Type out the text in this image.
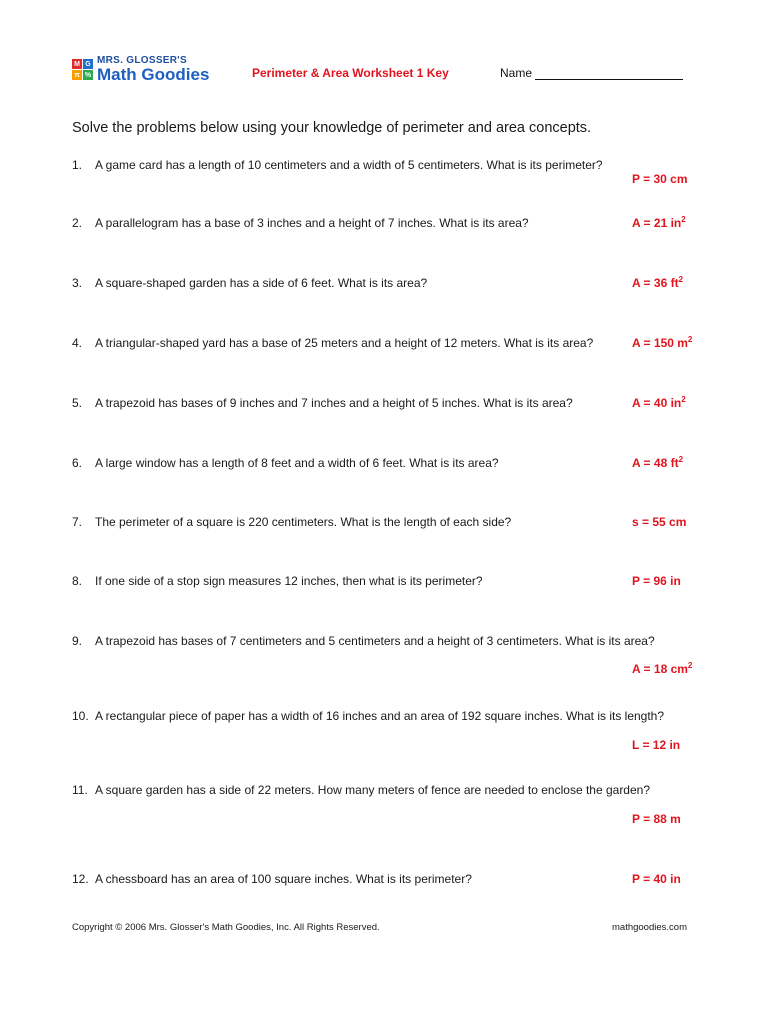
M G
π %
MRS. GLOSSER'S
Math Goodies	Perimeter & Area Worksheet 1 Key	Name
Solve the problems below using your knowledge of perimeter and area concepts.
1. A game card has a length of 10 centimeters and a width of 5 centimeters. What is its perimeter?
P = 30 cm
2. A parallelogram has a base of 3 inches and a height of 7 inches. What is its area?	A = 21 $in^2$
3. A square-shaped garden has a side of 6 feet. What is its area?	A = 36 $ft^2$
4. A triangular-shaped yard has a base of 25 meters and a height of 12 meters. What is its area?	A = 150 $m^2$
5. A trapezoid has bases of 9 inches and 7 inches and a height of 5 inches. What is its area?	A = 40 $in^2$
6. A large window has a length of 8 feet and a width of 6 feet. What is its area?	A = 48 $ft^2$
7. The perimeter of a square is 220 centimeters. What is the length of each side?	s = 55 cm
8. If one side of a stop sign measures 12 inches, then what is its perimeter?	P = 96 in
9. A trapezoid has bases of 7 centimeters and 5 centimeters and a height of 3 centimeters. What is its area?
A = 18 $cm^2$
10. A rectangular piece of paper has a width of 16 inches and an area of 192 square inches. What is its length?
L = 12 in
11. A square garden has a side of 22 meters. How many meters of fence are needed to enclose the garden?
P = 88 m
12. A chessboard has an area of 100 square inches. What is its perimeter?	P = 40 in
Copyright © 2006 Mrs. Glosser's Math Goodies, Inc. All Rights Reserved.	mathgoodies.com
